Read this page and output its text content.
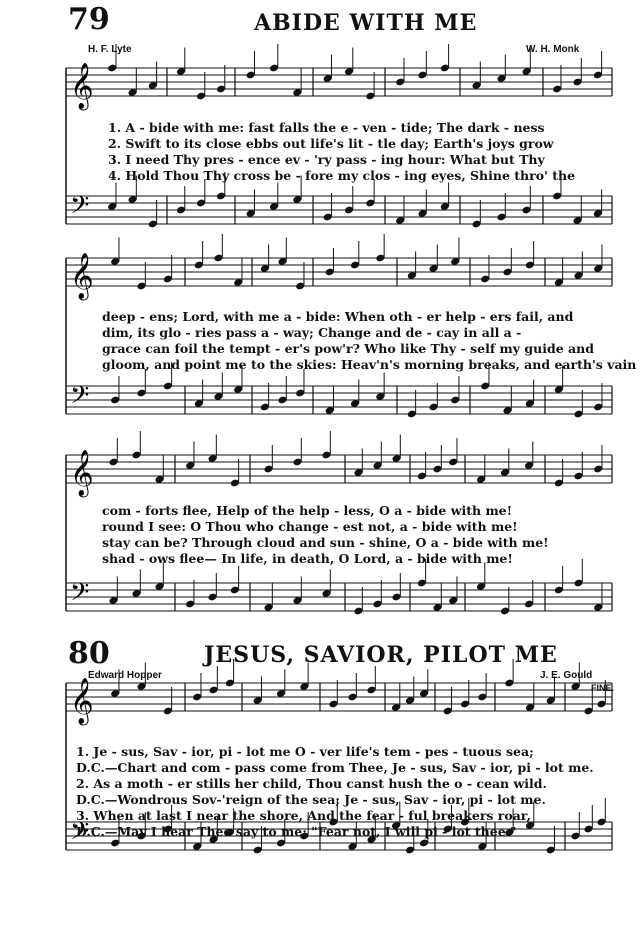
𝄞
𝄢
𝄞
𝄢
𝄞
𝄢
𝄞
𝄢
79	ABIDE WITH ME
H. F. Lyte	W. H. Monk
1. A - bide with me: fast falls the e - ven - tide; The dark - ness
2. Swift to its close ebbs out life's lit - tle day; Earth's joys grow
3. I need Thy pres - ence ev - 'ry pass - ing hour: What but Thy
4. Hold Thou Thy cross be - fore my clos - ing eyes, Shine thro' the
deep - ens; Lord, with me a - bide: When oth - er help - ers fail, and
dim, its glo - ries pass a - way; Change and de - cay in all a -
grace can foil the tempt - er's pow'r? Who like Thy - self my guide and
gloom, and point me to the skies: Heav'n's morning breaks, and earth's vain
com - forts flee, Help of the help - less, O a - bide with me!
round I see: O Thou who change - est not, a - bide with me!
stay can be? Through cloud and sun - shine, O a - bide with me!
shad - ows flee— In life, in death, O Lord, a - bide with me!
80	JESUS, SAVIOR, PILOT ME
Edward Hopper	J. E. Gould
FINE.
1. Je - sus, Sav - ior, pi - lot me O - ver life's tem - pes - tuous sea;
D.C.—Chart and com - pass come from Thee, Je - sus, Sav - ior, pi - lot me.
2. As a moth - er stills her child, Thou canst hush the o - cean wild.
D.C.—Wondrous Sov-'reign of the sea; Je - sus, Sav - ior, pi - lot me.
3. When at last I near the shore, And the fear - ful breakers roar,
D.C.—May I hear Thee say to me; "Fear not, I will pi - lot thee."
